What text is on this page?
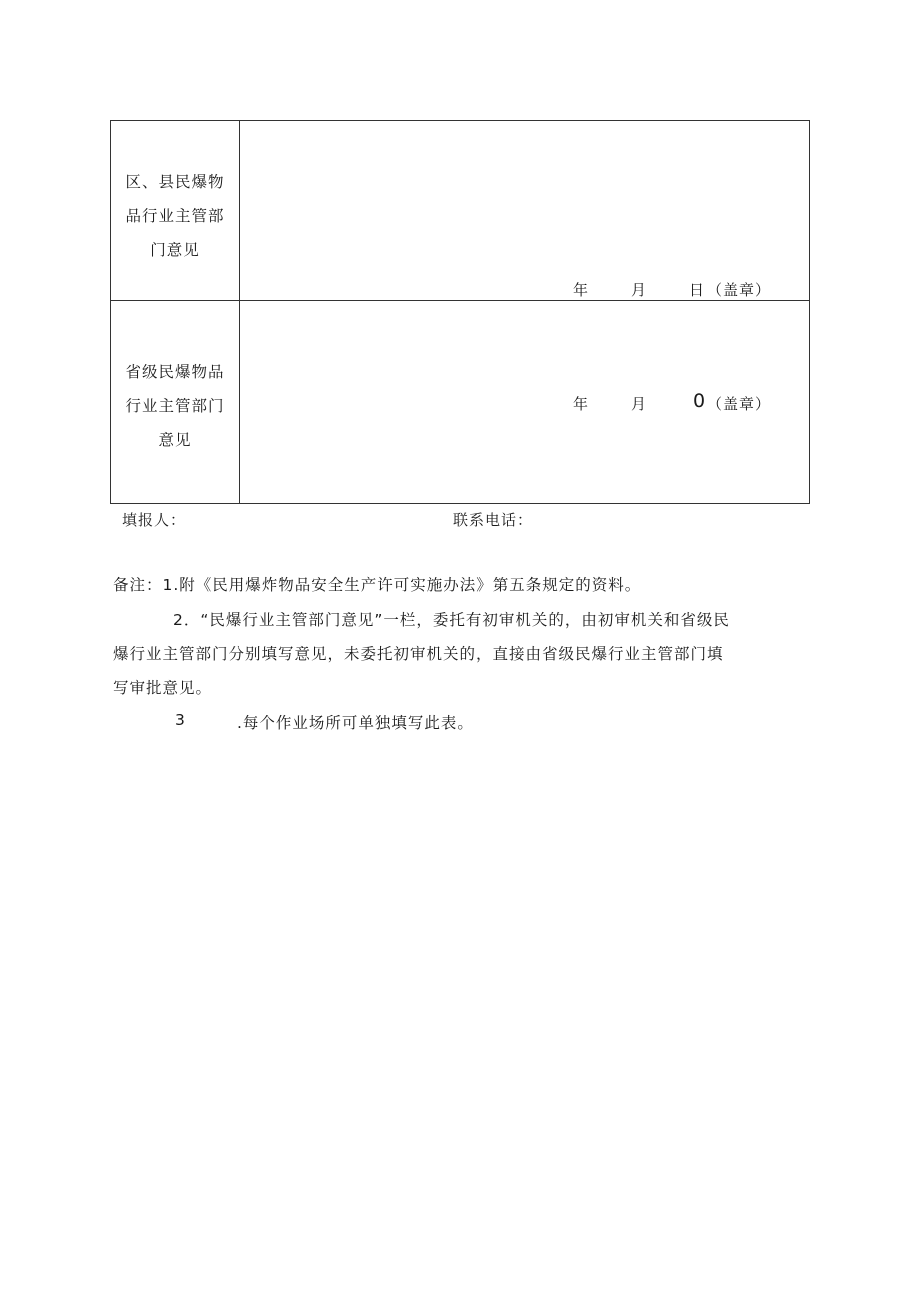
区、县民爆物
品行业主管部
门意见
年	月	日 （盖章）
省级民爆物品
行业主管部门
意见
年	月 0 （盖章）
填报人：	联系电话：
备注：1.附《民用爆炸物品安全生产许可实施办法》第五条规定的资料。
2．“民爆行业主管部门意见”一栏，委托有初审机关的，由初审机关和省级民
爆行业主管部门分别填写意见，未委托初审机关的，直接由省级民爆行业主管部门填
写审批意见。
3	.每个作业场所可单独填写此表。
